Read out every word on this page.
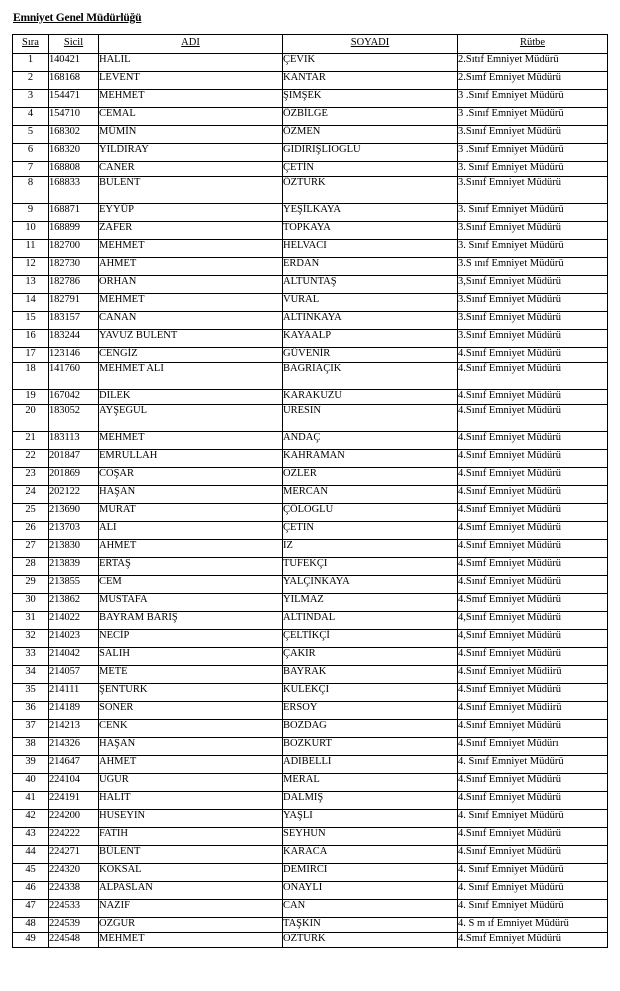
Emniyet Genel Müdürlüğü
Sıra	Sicil	ADI	SOYADI	Rütbe
1	140421	HALIL	ÇEVIK	2.Sıtıf Emniyet Müdürü
2	168168	LEVENT	KANTAR	2.Sımf Emniyet Müdürü
3	154471	MEHMET	ŞIMŞEK	3 .Sınıf Emniyet Müdürü
4	154710	CEMAL	ÖZBİLGE	3 .Sınıf Emniyet Müdürü
5	168302	MÜMİN	ÖZMEN	3.Sınıf Emniyet Müdürü
6	168320	YILDIRAY	GIDIRIŞLIOGLU	3 .Sınıf Emniyet Müdürü
7	168808	CANER	ÇETİN	3. Sınıf Emniyet Müdürü
8	168833	BULENT	ÖZTURK	3.Sınıf Emniyet Müdürü
9	168871	EYYÜP	YEŞİLKAYA	3. Sınıf Emniyet Müdürü
10	168899	ZAFER	TOPKAYA	3.Sınıf Emniyet Müdürü
11	182700	MEHMET	HELVACI	3. Sınıf Emniyet Müdürü
12	182730	AHMET	ERDAN	3.S ınıf Emniyet Müdürü
13	182786	ORHAN	ALTUNTAŞ	3,Sınıf Emniyet Müdürü
14	182791	MEHMET	VURAL	3.Sınıf Emniyet Müdürü
15	183157	CANAN	ALTINKAYA	3.Sınıf Emniyet Müdürü
16	183244	YAVUZ BULENT	KAYAALP	3.Sınıf Emniyet Müdürü
17	123146	CENGİZ	GÜVENİR	4.Sınıf Emniyet Müdürü
18	141760	MEHMET ALI	BAGRIAÇIK	4.Sınıf Emniyet Müdürü
19	167042	DILEK	KARAKUZU	4.Sınıf Emniyet Müdürü
20	183052	AYŞEGUL	URESIN	4.Sınıf Emniyet Müdürü
21	183113	MEHMET	ANDAÇ	4.Sınıf Emniyet Müdürü
22	201847	EMRULLAH	KAHRAMAN	4.Sınıf Emniyet Müdürü
23	201869	COŞAR	OZLER	4.Sınıf Emniyet Müdürü
24	202122	HAŞAN	MERCAN	4.Sınıf Emniyet Müdürü
25	213690	MURAT	ÇÖLOGLU	4.Sınıf Emniyet Müdürü
26	213703	ALI	ÇETIN	4.Sımf Emniyet Müdürü
27	213830	AHMET	IZ	4.Sınıf Emniyet Müdürü
28	213839	ERTAŞ	TUFEKÇI	4.Sımf Emniyet Müdürü
29	213855	CEM	YALÇINKAYA	4.Sınıf Emniyet Müdürü
30	213862	MUSTAFA	YILMAZ	4.Smıf Emniyet Müdürü
31	214022	BAYRAM BARIŞ	ALTINDAL	4,Sınıf Emniyet Müdürü
32	214023	NECİP	ÇELTİKÇİ	4,Sınıf Emniyet Müdürü
33	214042	SALIH	ÇAKIR	4.Sınıf Emniyet Müdürü
34	214057	METE	BAYRAK	4.Sınıf Emniyet Müdiirü
35	214111	ŞENTURK	KULEKÇI	4.Sınıf Emniyet Müdürü
36	214189	SONER	ERSOY	4.Sınıf Emniyet Müdiirü
37	214213	CENK	BOZDAG	4.Sınıf Emniyet Müdürü
38	214326	HAŞAN	BOZKURT	4.Sınıf Emniyet Müdürı
39	214647	AHMET	ADIBELLI	4. Sınıf Emniyet Müdürü
40	224104	UĞUR	MERAL	4.Sınıf Emniyet Müdürü
41	224191	HALIT	DALMIŞ	4.Sınıf Emniyet Müdürü
42	224200	HUSEYIN	YAŞLI	4. Sınıf Emniyet Müdürü
43	224222	FATIH	SEYHUN	4.Sınıf Emniyet Müdürü
44	224271	BÜLENT	KARACA	4.Sınıf Emniyet Müdürü
45	224320	KOKSAL	DEMIRCI	4. Sınıf Emniyet Müdürü
46	224338	ALPASLAN	ONAYLI	4. Sınıf Emniyet Müdürü
47	224533	NAZIF	CAN	4. Sınıf Emniyet Müdürü
48	224539	OZGUR	TAŞKIN	4. S m ıf Emniyet Müdürü
49	224548	MEHMET	OZTURK	4.Smıf Emniyet Müdürü
